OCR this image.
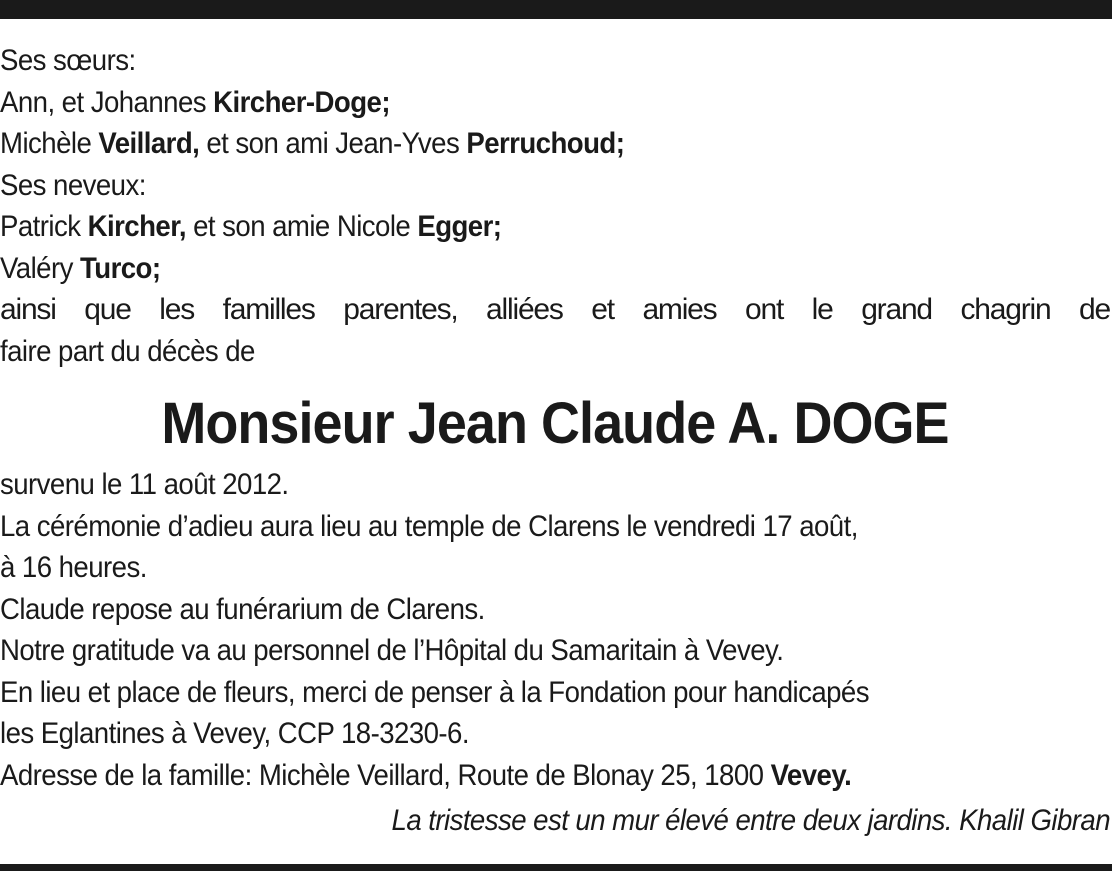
Ses sœurs:
Ann, et Johannes Kircher-Doge;
Michèle Veillard, et son ami Jean-Yves Perruchoud;
Ses neveux:
Patrick Kircher, et son amie Nicole Egger;
Valéry Turco;
ainsi que les familles parentes, alliées et amies ont le grand chagrin de
faire part du décès de
Monsieur Jean Claude A. DOGE
survenu le 11 août 2012.
La cérémonie d’adieu aura lieu au temple de Clarens le vendredi 17 août,
à 16 heures.
Claude repose au funérarium de Clarens.
Notre gratitude va au personnel de l’Hôpital du Samaritain à Vevey.
En lieu et place de fleurs, merci de penser à la Fondation pour handicapés
les Eglantines à Vevey, CCP 18-3230-6.
Adresse de la famille: Michèle Veillard, Route de Blonay 25, 1800 Vevey.
La tristesse est un mur élevé entre deux jardins. Khalil Gibran
